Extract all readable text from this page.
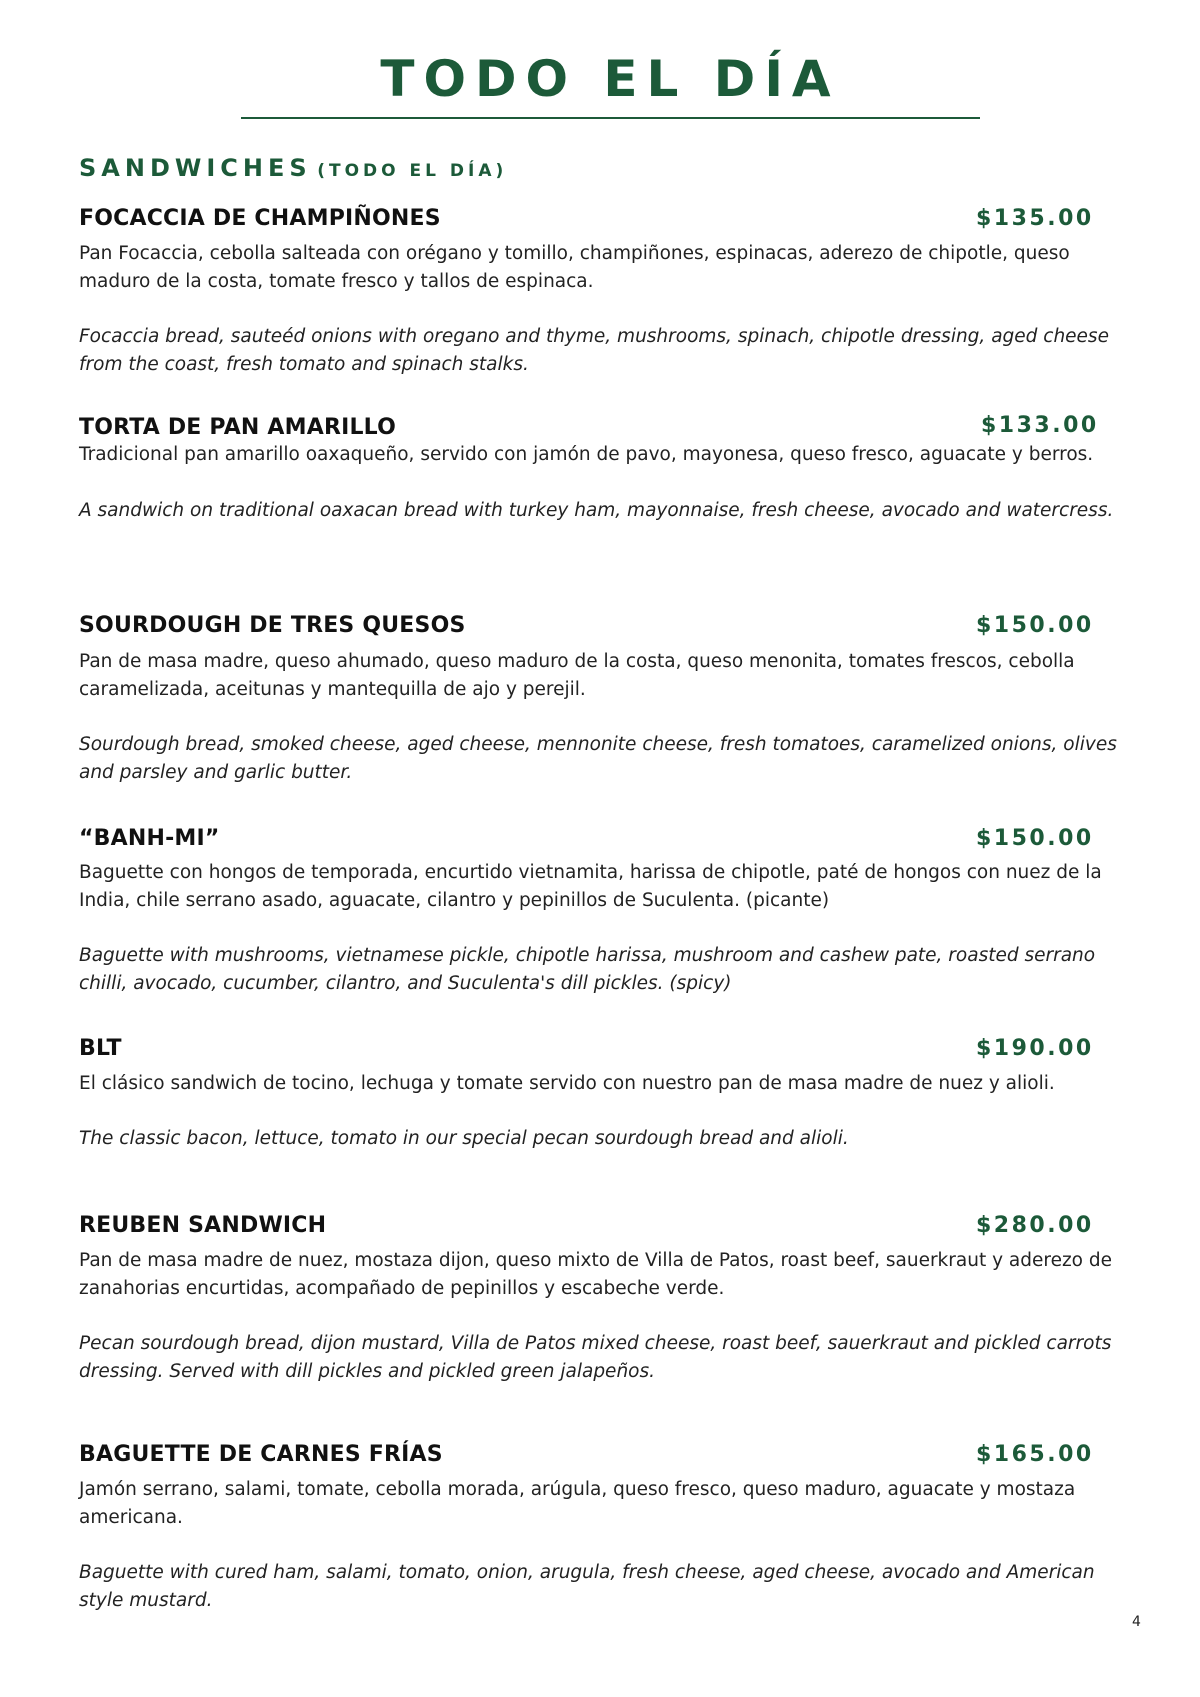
TODO EL DÍA
SANDWICHES (TODO EL DÍA)
FOCACCIA DE CHAMPIÑONES	$135.00
Pan Focaccia, cebolla salteada con orégano y tomillo, champiñones, espinacas, aderezo de chipotle, queso maduro de la costa, tomate fresco y tallos de espinaca.
Focaccia bread, sauteéd onions with oregano and thyme, mushrooms, spinach, chipotle dressing, aged cheese from the coast, fresh tomato and spinach stalks.
TORTA DE PAN AMARILLO	$133.00
Tradicional pan amarillo oaxaqueño, servido con jamón de pavo, mayonesa, queso fresco, aguacate y berros.
A sandwich on traditional oaxacan bread with turkey ham, mayonnaise, fresh cheese, avocado and watercress.
SOURDOUGH DE TRES QUESOS	$150.00
Pan de masa madre, queso ahumado, queso maduro de la costa, queso menonita, tomates frescos, cebolla caramelizada, aceitunas y mantequilla de ajo y perejil.
Sourdough bread, smoked cheese, aged cheese, mennonite cheese, fresh tomatoes, caramelized onions, olives and parsley and garlic butter.
“BANH-MI”	$150.00
Baguette con hongos de temporada, encurtido vietnamita, harissa de chipotle, paté de hongos con nuez de la India, chile serrano asado, aguacate, cilantro y pepinillos de Suculenta. (picante)
Baguette with mushrooms, vietnamese pickle, chipotle harissa, mushroom and cashew pate, roasted serrano chilli, avocado, cucumber, cilantro, and Suculenta's dill pickles. (spicy)
BLT	$190.00
El clásico sandwich de tocino, lechuga y tomate servido con nuestro pan de masa madre de nuez y alioli.
The classic bacon, lettuce, tomato in our special pecan sourdough bread and alioli.
REUBEN SANDWICH	$280.00
Pan de masa madre de nuez, mostaza dijon, queso mixto de Villa de Patos, roast beef, sauerkraut y aderezo de zanahorias encurtidas, acompañado de pepinillos y escabeche verde.
Pecan sourdough bread, dijon mustard, Villa de Patos mixed cheese, roast beef, sauerkraut and pickled carrots dressing. Served with dill pickles and pickled green jalapeños.
BAGUETTE DE CARNES FRÍAS	$165.00
Jamón serrano, salami, tomate, cebolla morada, arúgula, queso fresco, queso maduro, aguacate y mostaza americana.
Baguette with cured ham, salami, tomato, onion, arugula, fresh cheese, aged cheese, avocado and American style mustard.
4
